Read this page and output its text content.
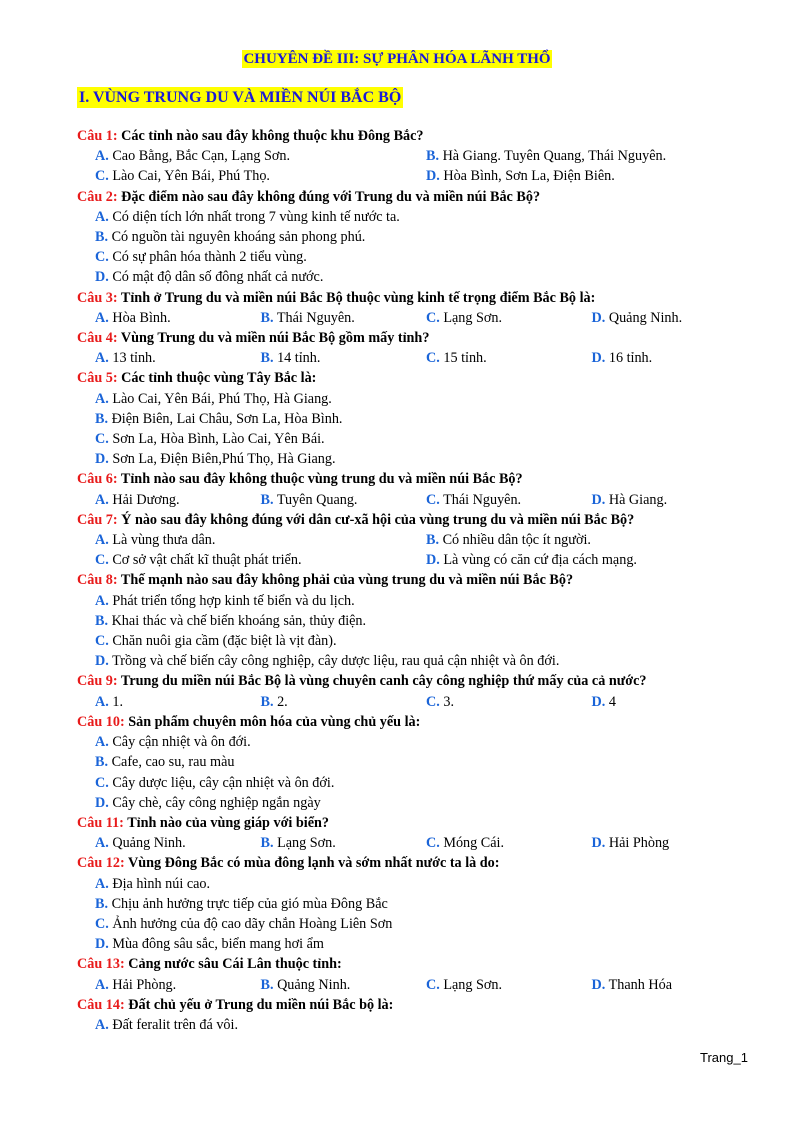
CHUYÊN ĐỀ III: SỰ PHÂN HÓA LÃNH THỔ
I. VÙNG TRUNG DU VÀ MIỀN NÚI BẮC BỘ
Câu 1: Các tỉnh nào sau đây không thuộc khu Đông Bắc?
A. Cao Bằng, Bắc Cạn, Lạng Sơn.	B. Hà Giang. Tuyên Quang, Thái Nguyên.
C. Lào Cai, Yên Bái, Phú Thọ.	D. Hòa Bình, Sơn La, Điện Biên.
Câu 2: Đặc điểm nào sau đây không đúng với Trung du và miền núi Bắc Bộ?
A. Có diện tích lớn nhất trong 7 vùng kinh tế nước ta.
B. Có nguồn tài nguyên khoáng sản phong phú.
C. Có sự phân hóa thành 2 tiểu vùng.
D. Có mật độ dân số đông nhất cả nước.
Câu 3: Tỉnh ở Trung du và miền núi Bắc Bộ thuộc vùng kinh tế trọng điểm Bắc Bộ là:
A. Hòa Bình.	B. Thái Nguyên.	C. Lạng Sơn.	D. Quảng Ninh.
Câu 4: Vùng Trung du và miền núi Bắc Bộ gồm mấy tỉnh?
A. 13 tỉnh.	B. 14 tỉnh.	C. 15 tỉnh.	D. 16 tỉnh.
Câu 5: Các tỉnh thuộc vùng Tây Bắc là:
A. Lào Cai, Yên Bái, Phú Thọ, Hà Giang.
B. Điện Biên, Lai Châu, Sơn La, Hòa Bình.
C. Sơn La, Hòa Bình, Lào Cai, Yên Bái.
D. Sơn La, Điện Biên,Phú Thọ, Hà Giang.
Câu 6: Tỉnh nào sau đây không thuộc vùng trung du và miền núi Bắc Bộ?
A. Hải Dương.	B. Tuyên Quang.	C. Thái Nguyên.	D. Hà Giang.
Câu 7: Ý nào sau đây không đúng với dân cư-xã hội của vùng trung du và miền núi Bắc Bộ?
A. Là vùng thưa dân.	B. Có nhiều dân tộc ít người.
C. Cơ sở vật chất kĩ thuật phát triển.	D. Là vùng có căn cứ địa cách mạng.
Câu 8: Thế mạnh nào sau đây không phải của vùng trung du và miền núi Bắc Bộ?
A. Phát triển tổng hợp kinh tế biển và du lịch.
B. Khai thác và chế biến khoáng sản, thủy điện.
C. Chăn nuôi gia cầm (đặc biệt là vịt đàn).
D. Trồng và chế biến cây công nghiệp, cây dược liệu, rau quả cận nhiệt và ôn đới.
Câu 9: Trung du miền núi Bắc Bộ là vùng chuyên canh cây công nghiệp thứ mấy của cả nước?
A. 1.	B. 2.	C. 3.	D. 4
Câu 10: Sản phẩm chuyên môn hóa của vùng chủ yếu là:
A. Cây cận nhiệt và ôn đới.
B. Cafe, cao su, rau màu
C. Cây dược liệu, cây cận nhiệt và ôn đới.
D. Cây chè, cây công nghiệp ngắn ngày
Câu 11: Tỉnh nào của vùng giáp với biển?
A. Quảng Ninh.	B. Lạng Sơn.	C. Móng Cái.	D. Hải Phòng
Câu 12: Vùng Đông Bắc có mùa đông lạnh và sớm nhất nước ta là do:
A. Địa hình núi cao.
B. Chịu ảnh hưởng trực tiếp của gió mùa Đông Bắc
C. Ảnh hưởng của độ cao dãy chắn Hoàng Liên Sơn
D. Mùa đông sâu sắc, biển mang hơi ẩm
Câu 13: Cảng nước sâu Cái Lân thuộc tỉnh:
A. Hải Phòng.	B. Quảng Ninh.	C. Lạng Sơn.	D. Thanh Hóa
Câu 14: Đất chủ yếu ở Trung du miền núi Bắc bộ là:
A. Đất feralit trên đá vôi.
Trang_1
